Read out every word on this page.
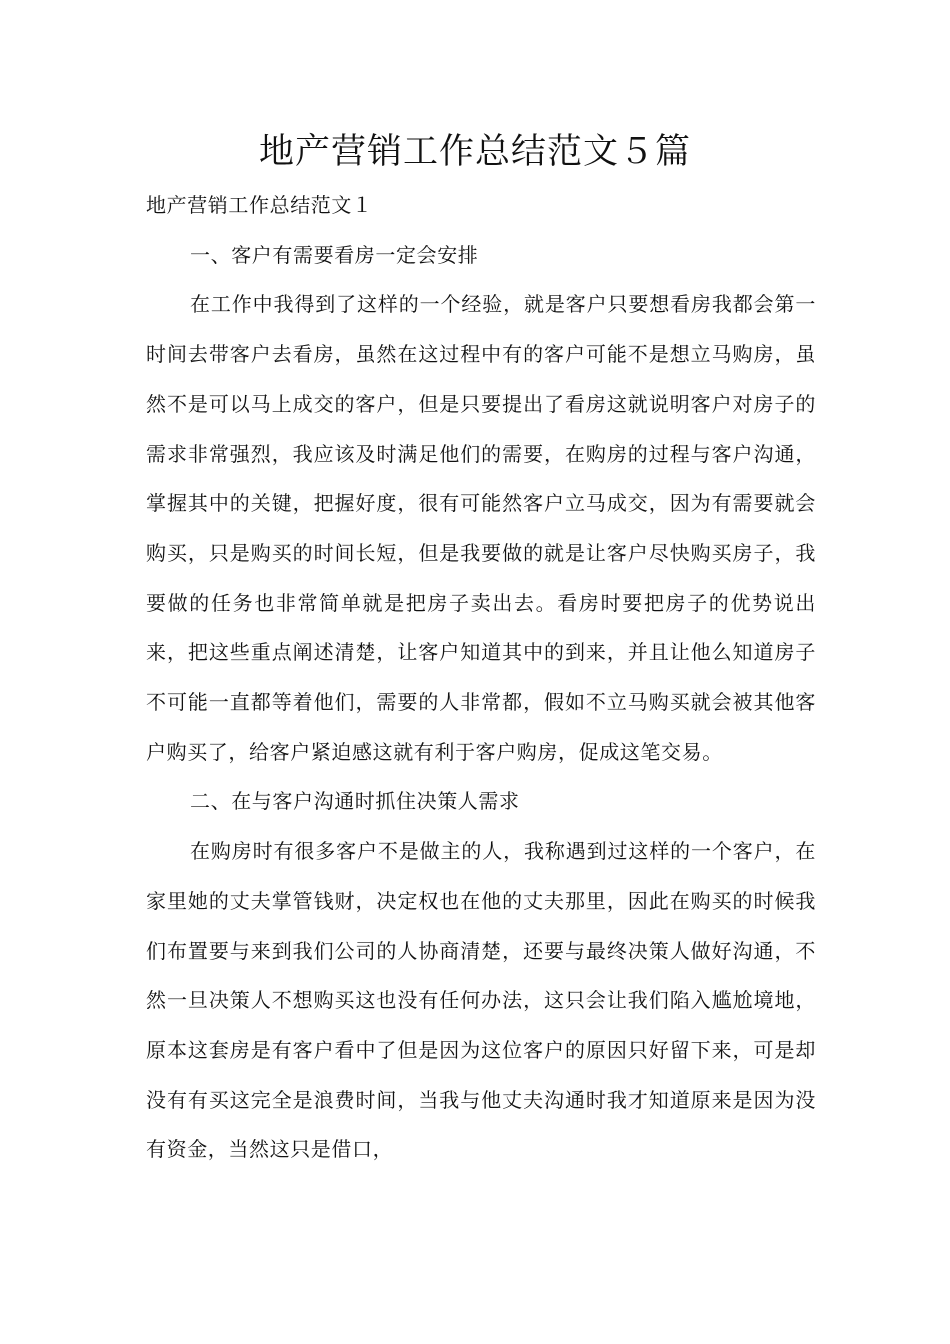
地产营销工作总结范文５篇

地产营销工作总结范文１

一、客户有需要看房一定会安排

在工作中我得到了这样的一个经验，就是客户只要想看房我都会第一时间去带客户去看房，虽然在这过程中有的客户可能不是想立马购房，虽然不是可以马上成交的客户，但是只要提出了看房这就说明客户对房子的需求非常强烈，我应该及时满足他们的需要，在购房的过程与客户沟通，掌握其中的关键，把握好度，很有可能然客户立马成交，因为有需要就会购买，只是购买的时间长短，但是我要做的就是让客户尽快购买房子，我要做的任务也非常简单就是把房子卖出去。看房时要把房子的优势说出来，把这些重点阐述清楚，让客户知道其中的到来，并且让他么知道房子不可能一直都等着他们，需要的人非常都，假如不立马购买就会被其他客户购买了，给客户紧迫感这就有利于客户购房，促成这笔交易。

二、在与客户沟通时抓住决策人需求

在购房时有很多客户不是做主的人，我称遇到过这样的一个客户，在家里她的丈夫掌管钱财，决定权也在他的丈夫那里，因此在购买的时候我们布置要与来到我们公司的人协商清楚，还要与最终决策人做好沟通，不然一旦决策人不想购买这也没有任何办法，这只会让我们陷入尴尬境地，原本这套房是有客户看中了但是因为这位客户的原因只好留下来，可是却没有有买这完全是浪费时间，当我与他丈夫沟通时我才知道原来是因为没有资金，当然这只是借口，
